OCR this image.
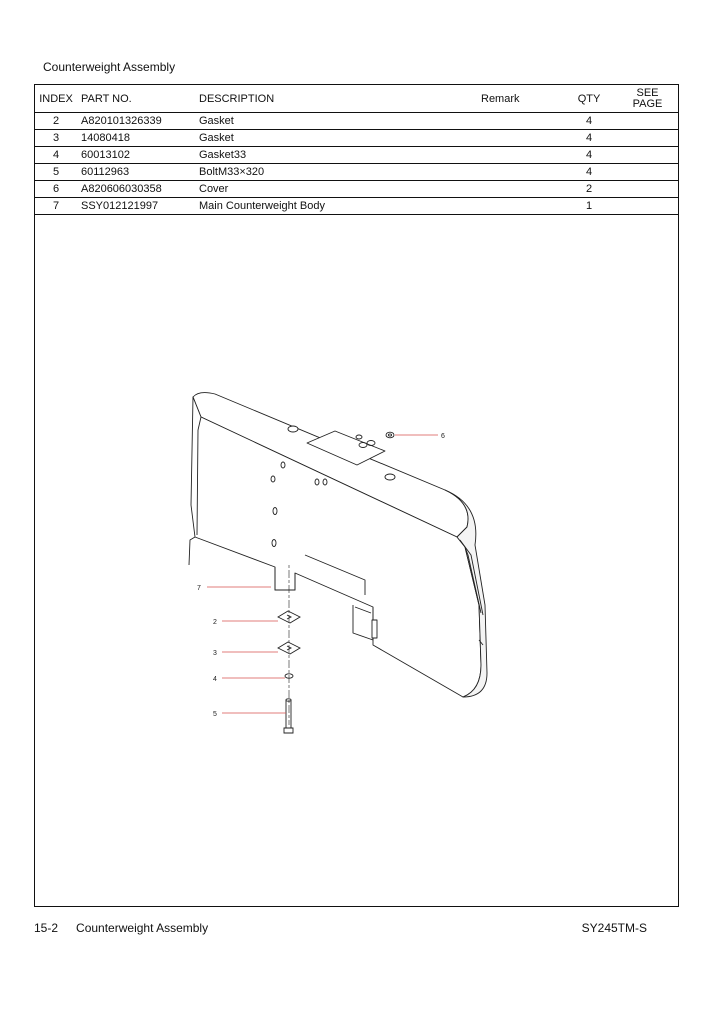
Counterweight Assembly
INDEX	PART NO.	DESCRIPTION	Remark	QTY	SEE
PAGE
2	A820101326339	Gasket		4	
3	14080418	Gasket		4	
4	60013102	Gasket33		4	
5	60112963	BoltM33×320		4	
6	A820606030358	Cover		2	
7	SSY012121997	Main Counterweight Body		1	
6
7
2
3
4
5
15-2 Counterweight Assembly	SY245TM-S
